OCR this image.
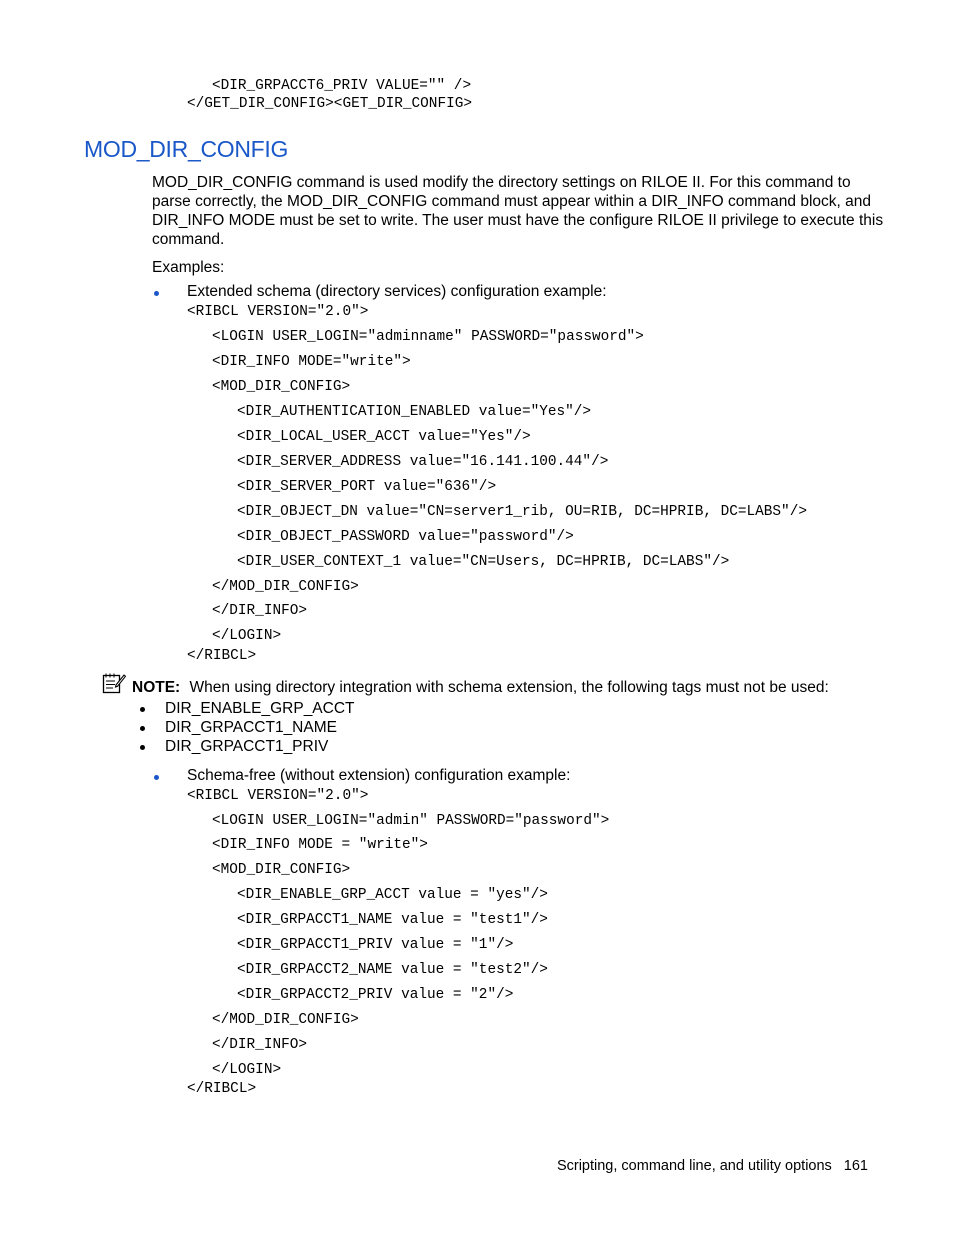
<DIR_GRPACCT6_PRIV VALUE="" />
</GET_DIR_CONFIG><GET_DIR_CONFIG>
MOD_DIR_CONFIG
MOD_DIR_CONFIG command is used modify the directory settings on RILOE II. For this command to
parse correctly, the MOD_DIR_CONFIG command must appear within a DIR_INFO command block, and
DIR_INFO MODE must be set to write. The user must have the configure RILOE II privilege to execute this
command.
Examples:
Extended schema (directory services) configuration example:
<RIBCL VERSION="2.0">
<LOGIN USER_LOGIN="adminname" PASSWORD="password">
<DIR_INFO MODE="write">
<MOD_DIR_CONFIG>
<DIR_AUTHENTICATION_ENABLED value="Yes"/>
<DIR_LOCAL_USER_ACCT value="Yes"/>
<DIR_SERVER_ADDRESS value="16.141.100.44"/>
<DIR_SERVER_PORT value="636"/>
<DIR_OBJECT_DN value="CN=server1_rib, OU=RIB, DC=HPRIB, DC=LABS"/>
<DIR_OBJECT_PASSWORD value="password"/>
<DIR_USER_CONTEXT_1 value="CN=Users, DC=HPRIB, DC=LABS"/>
</MOD_DIR_CONFIG>
</DIR_INFO>
</LOGIN>
</RIBCL>
NOTE: When using directory integration with schema extension, the following tags must not be used:
DIR_ENABLE_GRP_ACCT
DIR_GRPACCT1_NAME
DIR_GRPACCT1_PRIV
Schema-free (without extension) configuration example:
<RIBCL VERSION="2.0">
<LOGIN USER_LOGIN="admin" PASSWORD="password">
<DIR_INFO MODE = "write">
<MOD_DIR_CONFIG>
<DIR_ENABLE_GRP_ACCT value = "yes"/>
<DIR_GRPACCT1_NAME value = "test1"/>
<DIR_GRPACCT1_PRIV value = "1"/>
<DIR_GRPACCT2_NAME value = "test2"/>
<DIR_GRPACCT2_PRIV value = "2"/>
</MOD_DIR_CONFIG>
</DIR_INFO>
</LOGIN>
</RIBCL>
Scripting, command line, and utility options 161
